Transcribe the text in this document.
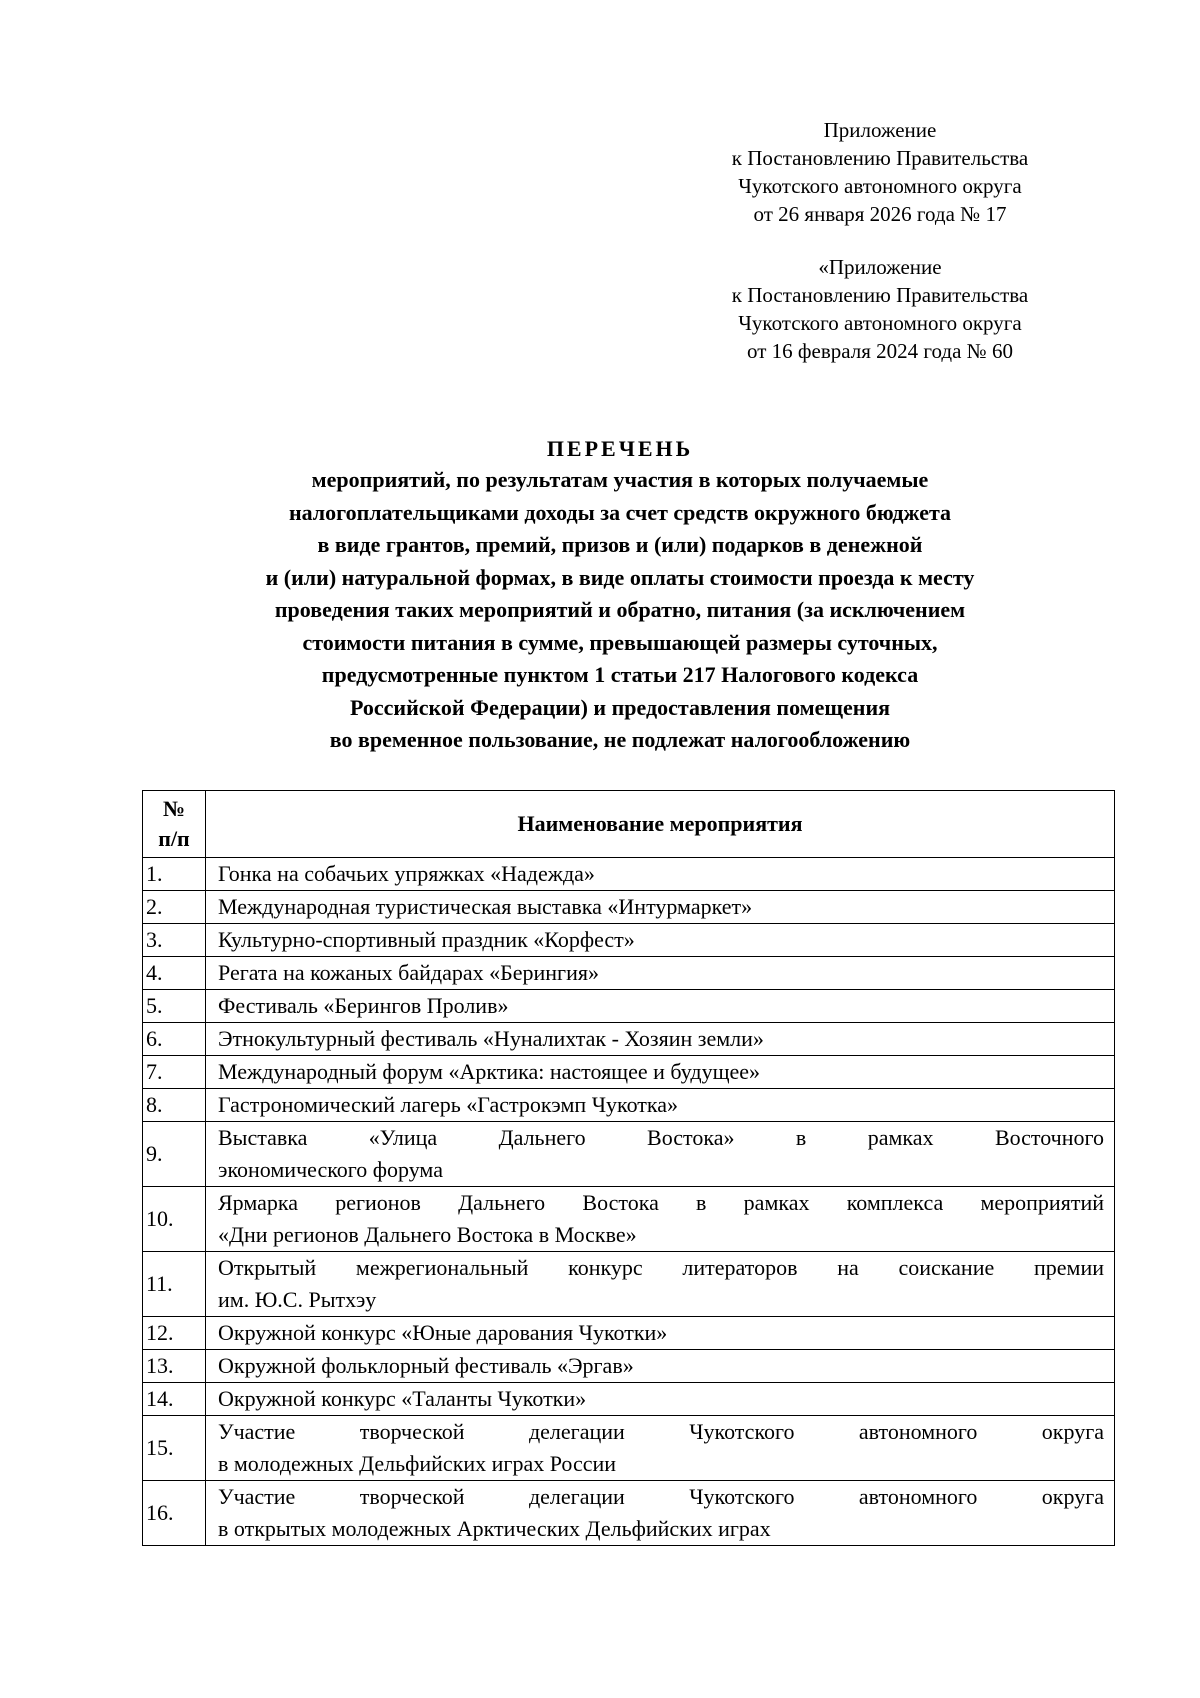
Приложение
к Постановлению Правительства
Чукотского автономного округа
от 26 января 2026 года № 17
«Приложение
к Постановлению Правительства
Чукотского автономного округа
от 16 февраля 2024 года № 60
ПЕРЕЧЕНЬ
мероприятий, по результатам участия в которых получаемые
налогоплательщиками доходы за счет средств окружного бюджета
в виде грантов, премий, призов и (или) подарков в денежной
и (или) натуральной формах, в виде оплаты стоимости проезда к месту
проведения таких мероприятий и обратно, питания (за исключением
стоимости питания в сумме, превышающей размеры суточных,
предусмотренные пунктом 1 статьи 217 Налогового кодекса
Российской Федерации) и предоставления помещения
во временное пользование, не подлежат налогообложению
№
п/п	Наименование мероприятия
1.	Гонка на собачьих упряжках «Надежда»

2.	Международная туристическая выставка «Интурмаркет»

3.	Культурно-спортивный праздник «Корфест»

4.	Регата на кожаных байдарах «Берингия»

5.	Фестиваль «Берингов Пролив»

6.	Этнокультурный фестиваль «Нуналихтак - Хозяин земли»

7.	Международный форум «Арктика: настоящее и будущее»

8.	Гастрономический лагерь «Гастрокэмп Чукотка»

9.	Выставка «Улица Дальнего Востока» в рамках Восточного
экономического форума

10.	Ярмарка регионов Дальнего Востока в рамках комплекса мероприятий
«Дни регионов Дальнего Востока в Москве»

11.	Открытый межрегиональный конкурс литераторов на соискание премии
им. Ю.С. Рытхэу

12.	Окружной конкурс «Юные дарования Чукотки»

13.	Окружной фольклорный фестиваль «Эргав»

14.	Окружной конкурс «Таланты Чукотки»

15.	Участие творческой делегации Чукотского автономного округа
в молодежных Дельфийских играх России

16.	Участие творческой делегации Чукотского автономного округа
в открытых молодежных Арктических Дельфийских играх
